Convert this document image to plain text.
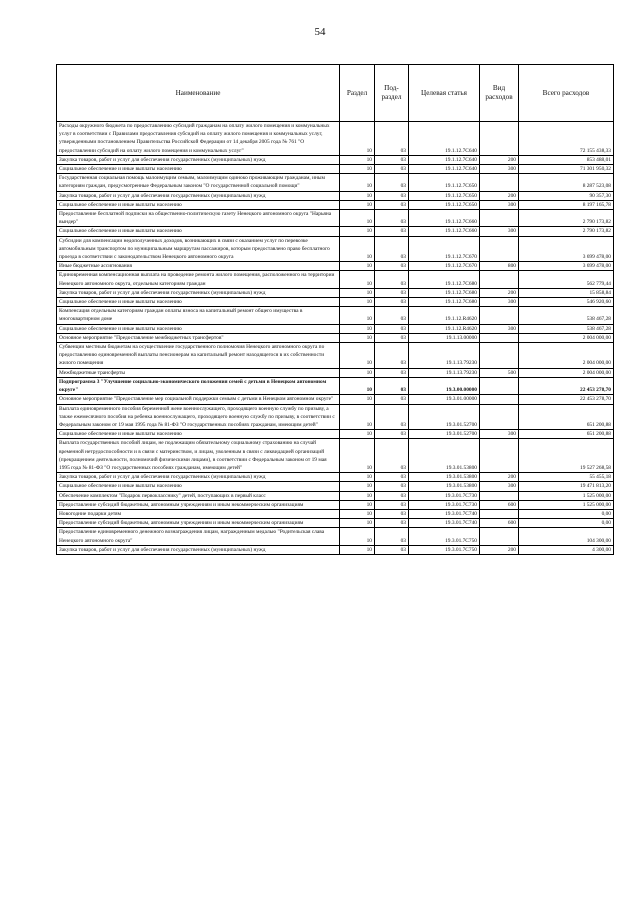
54
Наименование	Раздел	Под- раздел	Целевая статья	Вид расходов	Всего расходов
Расходы окружного бюджета по предоставлению субсидий гражданам на оплату жилого помещения и коммунальных услуг в соответствии с Правилами предоставления субсидий на оплату жилого помещения и коммунальных услуг, утвержденными постановлением Правительства Российской Федерации от 14 декабря 2005 года № 761 "О предоставлении субсидий на оплату жилого помещения и коммунальных услуг"	10	03	19.1.12.7C640		72 155 438,33
Закупка товаров, работ и услуг для обеспечения государственных (муниципальных) нужд	10	03	19.1.12.7C640	200	853 488,01
Социальное обеспечение и иные выплаты населению	10	03	19.1.12.7C640	300	71 301 950,32
Государственная социальная помощь малоимущим семьям, малоимущим одиноко проживающим гражданам, иным категориям граждан, предусмотренные Федеральным законом "О государственной социальной помощи"	10	03	19.1.12.7C650		8 287 523,08
Закупка товаров, работ и услуг для обеспечения государственных (муниципальных) нужд	10	03	19.1.12.7C650	200	90 357,30
Социальное обеспечение и иные выплаты населению	10	03	19.1.12.7C650	300	8 197 165,78
Предоставление бесплатной подписки на общественно-политическую газету Ненецкого автономного округа "Нарьяна вындер"	10	03	19.1.12.7C660		2 790 173,82
Социальное обеспечение и иные выплаты населению	10	03	19.1.12.7C660	300	2 790 173,82
Субсидии для компенсации недополученных доходов, возникающих в связи с оказанием услуг по перевозке автомобильным транспортом по муниципальным маршрутам пассажиров, которым предоставлено право бесплатного проезда в соответствии с законодательством Ненецкого автономного округа	10	03	19.1.12.7C670		3 699 478,00
Иные бюджетные ассигнования	10	03	19.1.12.7C670	800	3 699 478,00
Единовременная компенсационная выплата на проведение ремонта жилого помещения, расположенного на территории Ненецкого автономного округа, отдельным категориям граждан	10	03	19.1.12.7C680		562 779,44
Закупка товаров, работ и услуг для обеспечения государственных (муниципальных) нужд	10	03	19.1.12.7C680	200	15 858,84
Социальное обеспечение и иные выплаты населению	10	03	19.1.12.7C680	300	546 920,60
Компенсация отдельным категориям граждан оплаты взноса на капитальный ремонт общего имущества в многоквартирном доме	10	03	19.1.12.R4620		538 467,28
Социальное обеспечение и иные выплаты населению	10	03	19.1.12.R4620	300	538 467,28
Основное мероприятие "Предоставление межбюджетных трансфертов"	10	03	19.1.13.00000		2 004 000,00
Субвенции местным бюджетам на осуществление государственного полномочия Ненецкого автономного округа по предоставлению единовременной выплаты пенсионерам на капитальный ремонт находящегося в их собственности жилого помещения	10	03	19.1.13.79230		2 004 000,00
Межбюджетные трансферты	10	03	19.1.13.79230	500	2 004 000,00
Подпрограмма 3 "Улучшение социально-экономического положения семей с детьми в Ненецком автономном округе"	10	03	19.3.00.00000		22 453 278,70
Основное мероприятие "Предоставление мер социальной поддержки семьям с детьми в Ненецком автономном округе"	10	03	19.3.01.00000		22 453 278,70
Выплата единовременного пособия беременной жене военнослужащего, проходящего военную службу по призыву, а также ежемесячного пособия на ребенка военнослужащего, проходящего военную службу по призыву, в соответствии с Федеральным законом от 19 мая 1995 года № 81-ФЗ "О государственных пособиях гражданам, имеющим детей"	10	03	19.3.01.52700		651 200,88
Социальное обеспечение и иные выплаты населению	10	03	19.3.01.52700	300	651 200,88
Выплата государственных пособий лицам, не подлежащим обязательному социальному страхованию на случай временной нетрудоспособности и в связи с материнством, и лицам, уволенным в связи с ликвидацией организаций (прекращением деятельности, полномочий физическими лицами), в соответствии с Федеральным законом от 19 мая 1995 года № 81-ФЗ "О государственных пособиях гражданам, имеющим детей"	10	03	19.3.01.53800		19 527 268,58
Закупка товаров, работ и услуг для обеспечения государственных (муниципальных) нужд	10	03	19.3.01.53800	200	55 455,18
Социальное обеспечение и иные выплаты населению	10	03	19.3.01.53800	300	19 471 813,20
Обеспечение комплектом "Подарок первокласснику" детей, поступающих в первый класс	10	03	19.3.01.7C730		1 525 000,00
Предоставление субсидий бюджетным, автономным учреждениям и иным некоммерческим организациям	10	03	19.3.01.7C730	600	1 525 000,00
Новогодние подарки детям	10	03	19.3.01.7C740		0,00
Предоставление субсидий бюджетным, автономным учреждениям и иным некоммерческим организациям	10	03	19.3.01.7C740	600	0,00
Предоставление единовременного денежного вознаграждения лицам, награжденным медалью "Родительская слава Ненецкого автономного округа"	10	03	19.3.01.7C750		104 300,00
Закупка товаров, работ и услуг для обеспечения государственных (муниципальных) нужд	10	03	19.3.01.7C750	200	4 300,00
